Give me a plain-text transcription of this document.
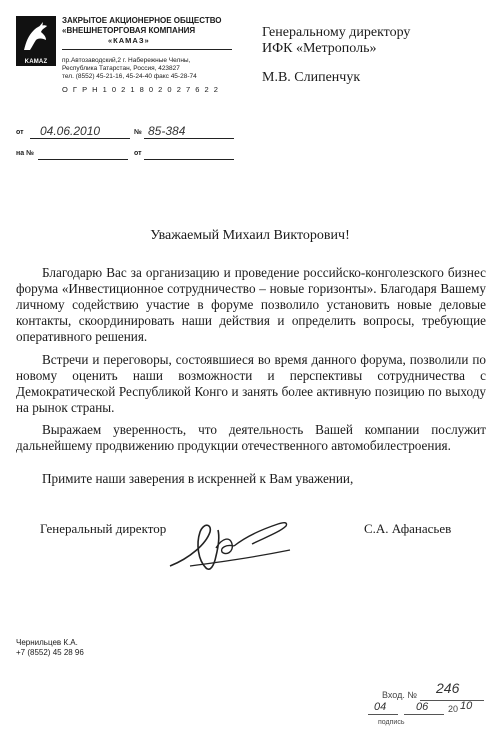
KAMAZ
ЗАКРЫТОЕ АКЦИОНЕРНОЕ ОБЩЕСТВО
«ВНЕШНЕТОРГОВАЯ КОМПАНИЯ
«КАМАЗ»
пр.Автозаводский,2 г. Набережные Челны,
Республика Татарстан, Россия, 423827
тел. (8552) 45-21-16, 45-24-40 факс 45-28-74
О Г Р Н 1 0 2 1 8 0 2 0 2 7 6 2 2
Генеральному директору
ИФК «Метрополь»
М.В. Слипенчук
от 04.06.2010	№ 85-384
на №	от
Уважаемый Михаил Викторович!
Благодарю Вас за организацию и проведение российско-конголезского бизнес форума «Инвестиционное сотрудничество – новые горизонты». Благодаря Вашему личному содействию участие в форуме позволило установить новые деловые контакты, скоординировать наши действия и определить вопросы, требующие оперативного решения.
Встречи и переговоры, состоявшиеся во время данного форума, позволили по новому оценить наши возможности и перспективы сотрудничества с Демократической Республикой Конго и занять более активную позицию по выходу на рынок страны.
Выражаем уверенность, что деятельность Вашей компании послужит дальнейшему продвижению продукции отечественного автомобилестроения.
Примите наши заверения в искренней к Вам уважении,
Генеральный директор	С.А. Афанасьев
Чернильцев К.А.
+7 (8552) 45 28 96
Вход. № 246
04	06 20 10
подпись
